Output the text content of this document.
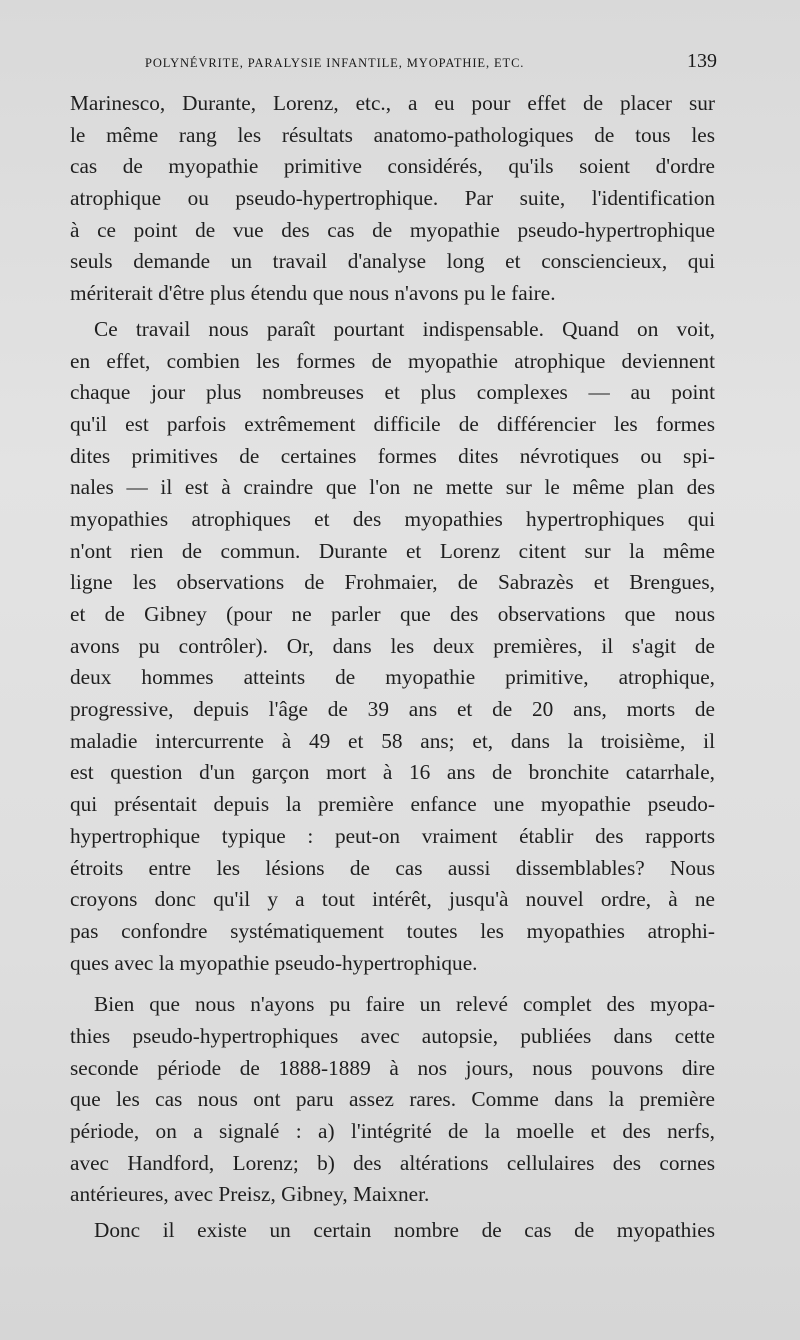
POLYNÉVRITE, PARALYSIE INFANTILE, MYOPATHIE, ETC.	139
Marinesco, Durante, Lorenz, etc., a eu pour effet de placer sur
le même rang les résultats anatomo-pathologiques de tous les
cas de myopathie primitive considérés, qu'ils soient d'ordre
atrophique ou pseudo-hypertrophique. Par suite, l'identification
à ce point de vue des cas de myopathie pseudo-hypertrophique
seuls demande un travail d'analyse long et consciencieux, qui
mériterait d'être plus étendu que nous n'avons pu le faire.
Ce travail nous paraît pourtant indispensable. Quand on voit,
en effet, combien les formes de myopathie atrophique deviennent
chaque jour plus nombreuses et plus complexes — au point
qu'il est parfois extrêmement difficile de différencier les formes
dites primitives de certaines formes dites névrotiques ou spi-
nales — il est à craindre que l'on ne mette sur le même plan des
myopathies atrophiques et des myopathies hypertrophiques qui
n'ont rien de commun. Durante et Lorenz citent sur la même
ligne les observations de Frohmaier, de Sabrazès et Brengues,
et de Gibney (pour ne parler que des observations que nous
avons pu contrôler). Or, dans les deux premières, il s'agit de
deux hommes atteints de myopathie primitive, atrophique,
progressive, depuis l'âge de 39 ans et de 20 ans, morts de
maladie intercurrente à 49 et 58 ans; et, dans la troisième, il
est question d'un garçon mort à 16 ans de bronchite catarrhale,
qui présentait depuis la première enfance une myopathie pseudo-
hypertrophique typique : peut-on vraiment établir des rapports
étroits entre les lésions de cas aussi dissemblables? Nous
croyons donc qu'il y a tout intérêt, jusqu'à nouvel ordre, à ne
pas confondre systématiquement toutes les myopathies atrophi-
ques avec la myopathie pseudo-hypertrophique.
Bien que nous n'ayons pu faire un relevé complet des myopa-
thies pseudo-hypertrophiques avec autopsie, publiées dans cette
seconde période de 1888-1889 à nos jours, nous pouvons dire
que les cas nous ont paru assez rares. Comme dans la première
période, on a signalé : a) l'intégrité de la moelle et des nerfs,
avec Handford, Lorenz; b) des altérations cellulaires des cornes
antérieures, avec Preisz, Gibney, Maixner.
Donc il existe un certain nombre de cas de myopathies
